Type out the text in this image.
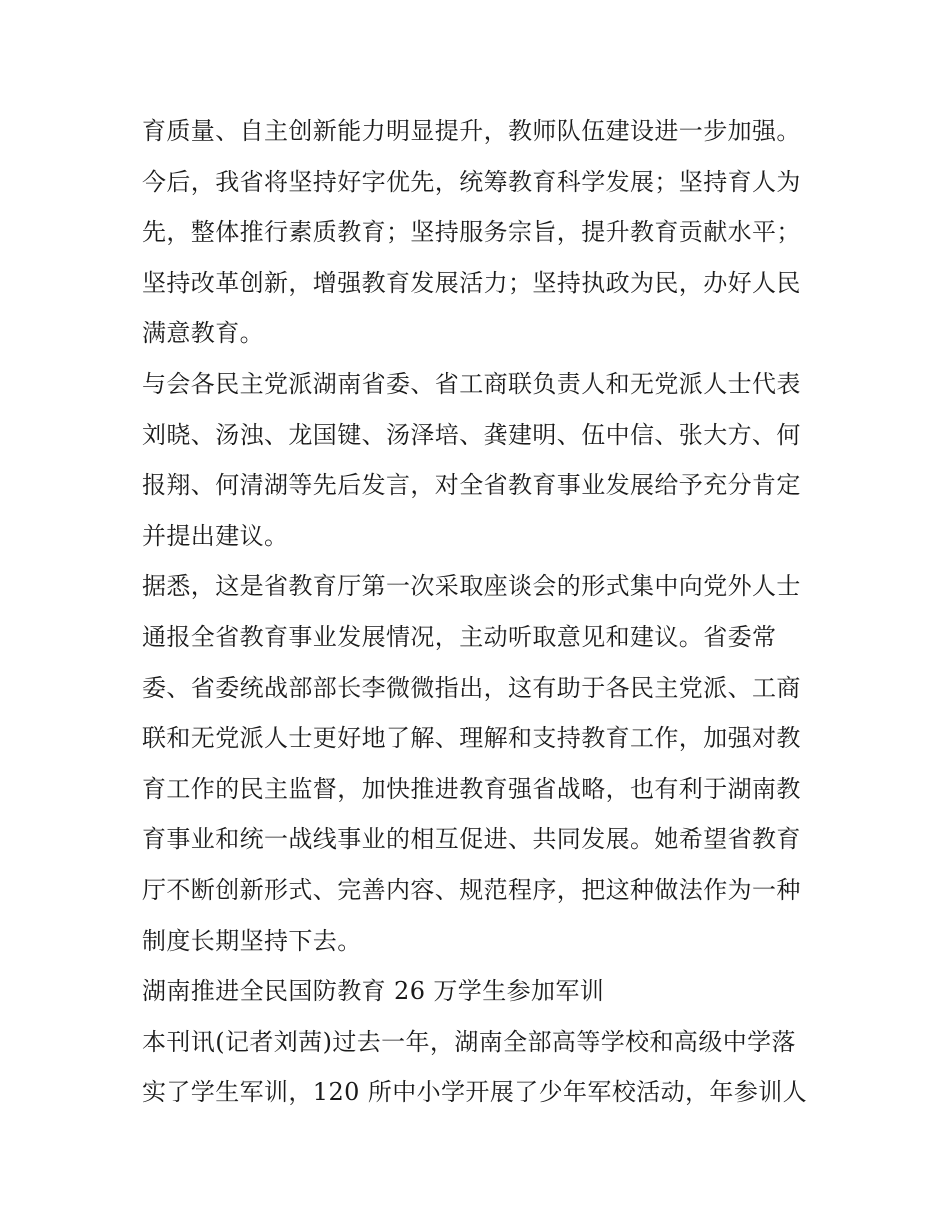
育质量、自主创新能力明显提升，教师队伍建设进一步加强。

今后，我省将坚持好字优先，统筹教育科学发展；坚持育人为

先，整体推行素质教育；坚持服务宗旨，提升教育贡献水平；

坚持改革创新，增强教育发展活力；坚持执政为民，办好人民

满意教育。

与会各民主党派湖南省委、省工商联负责人和无党派人士代表

刘晓、汤浊、龙国键、汤泽培、龚建明、伍中信、张大方、何

报翔、何清湖等先后发言，对全省教育事业发展给予充分肯定

并提出建议。

据悉，这是省教育厅第一次采取座谈会的形式集中向党外人士

通报全省教育事业发展情况，主动听取意见和建议。省委常

委、省委统战部部长李微微指出，这有助于各民主党派、工商

联和无党派人士更好地了解、理解和支持教育工作，加强对教

育工作的民主监督，加快推进教育强省战略，也有利于湖南教

育事业和统一战线事业的相互促进、共同发展。她希望省教育

厅不断创新形式、完善内容、规范程序，把这种做法作为一种

制度长期坚持下去。

湖南推进全民国防教育 26 万学生参加军训

本刊讯(记者刘茜)过去一年，湖南全部高等学校和高级中学落

实了学生军训，120 所中小学开展了少年军校活动，年参训人
